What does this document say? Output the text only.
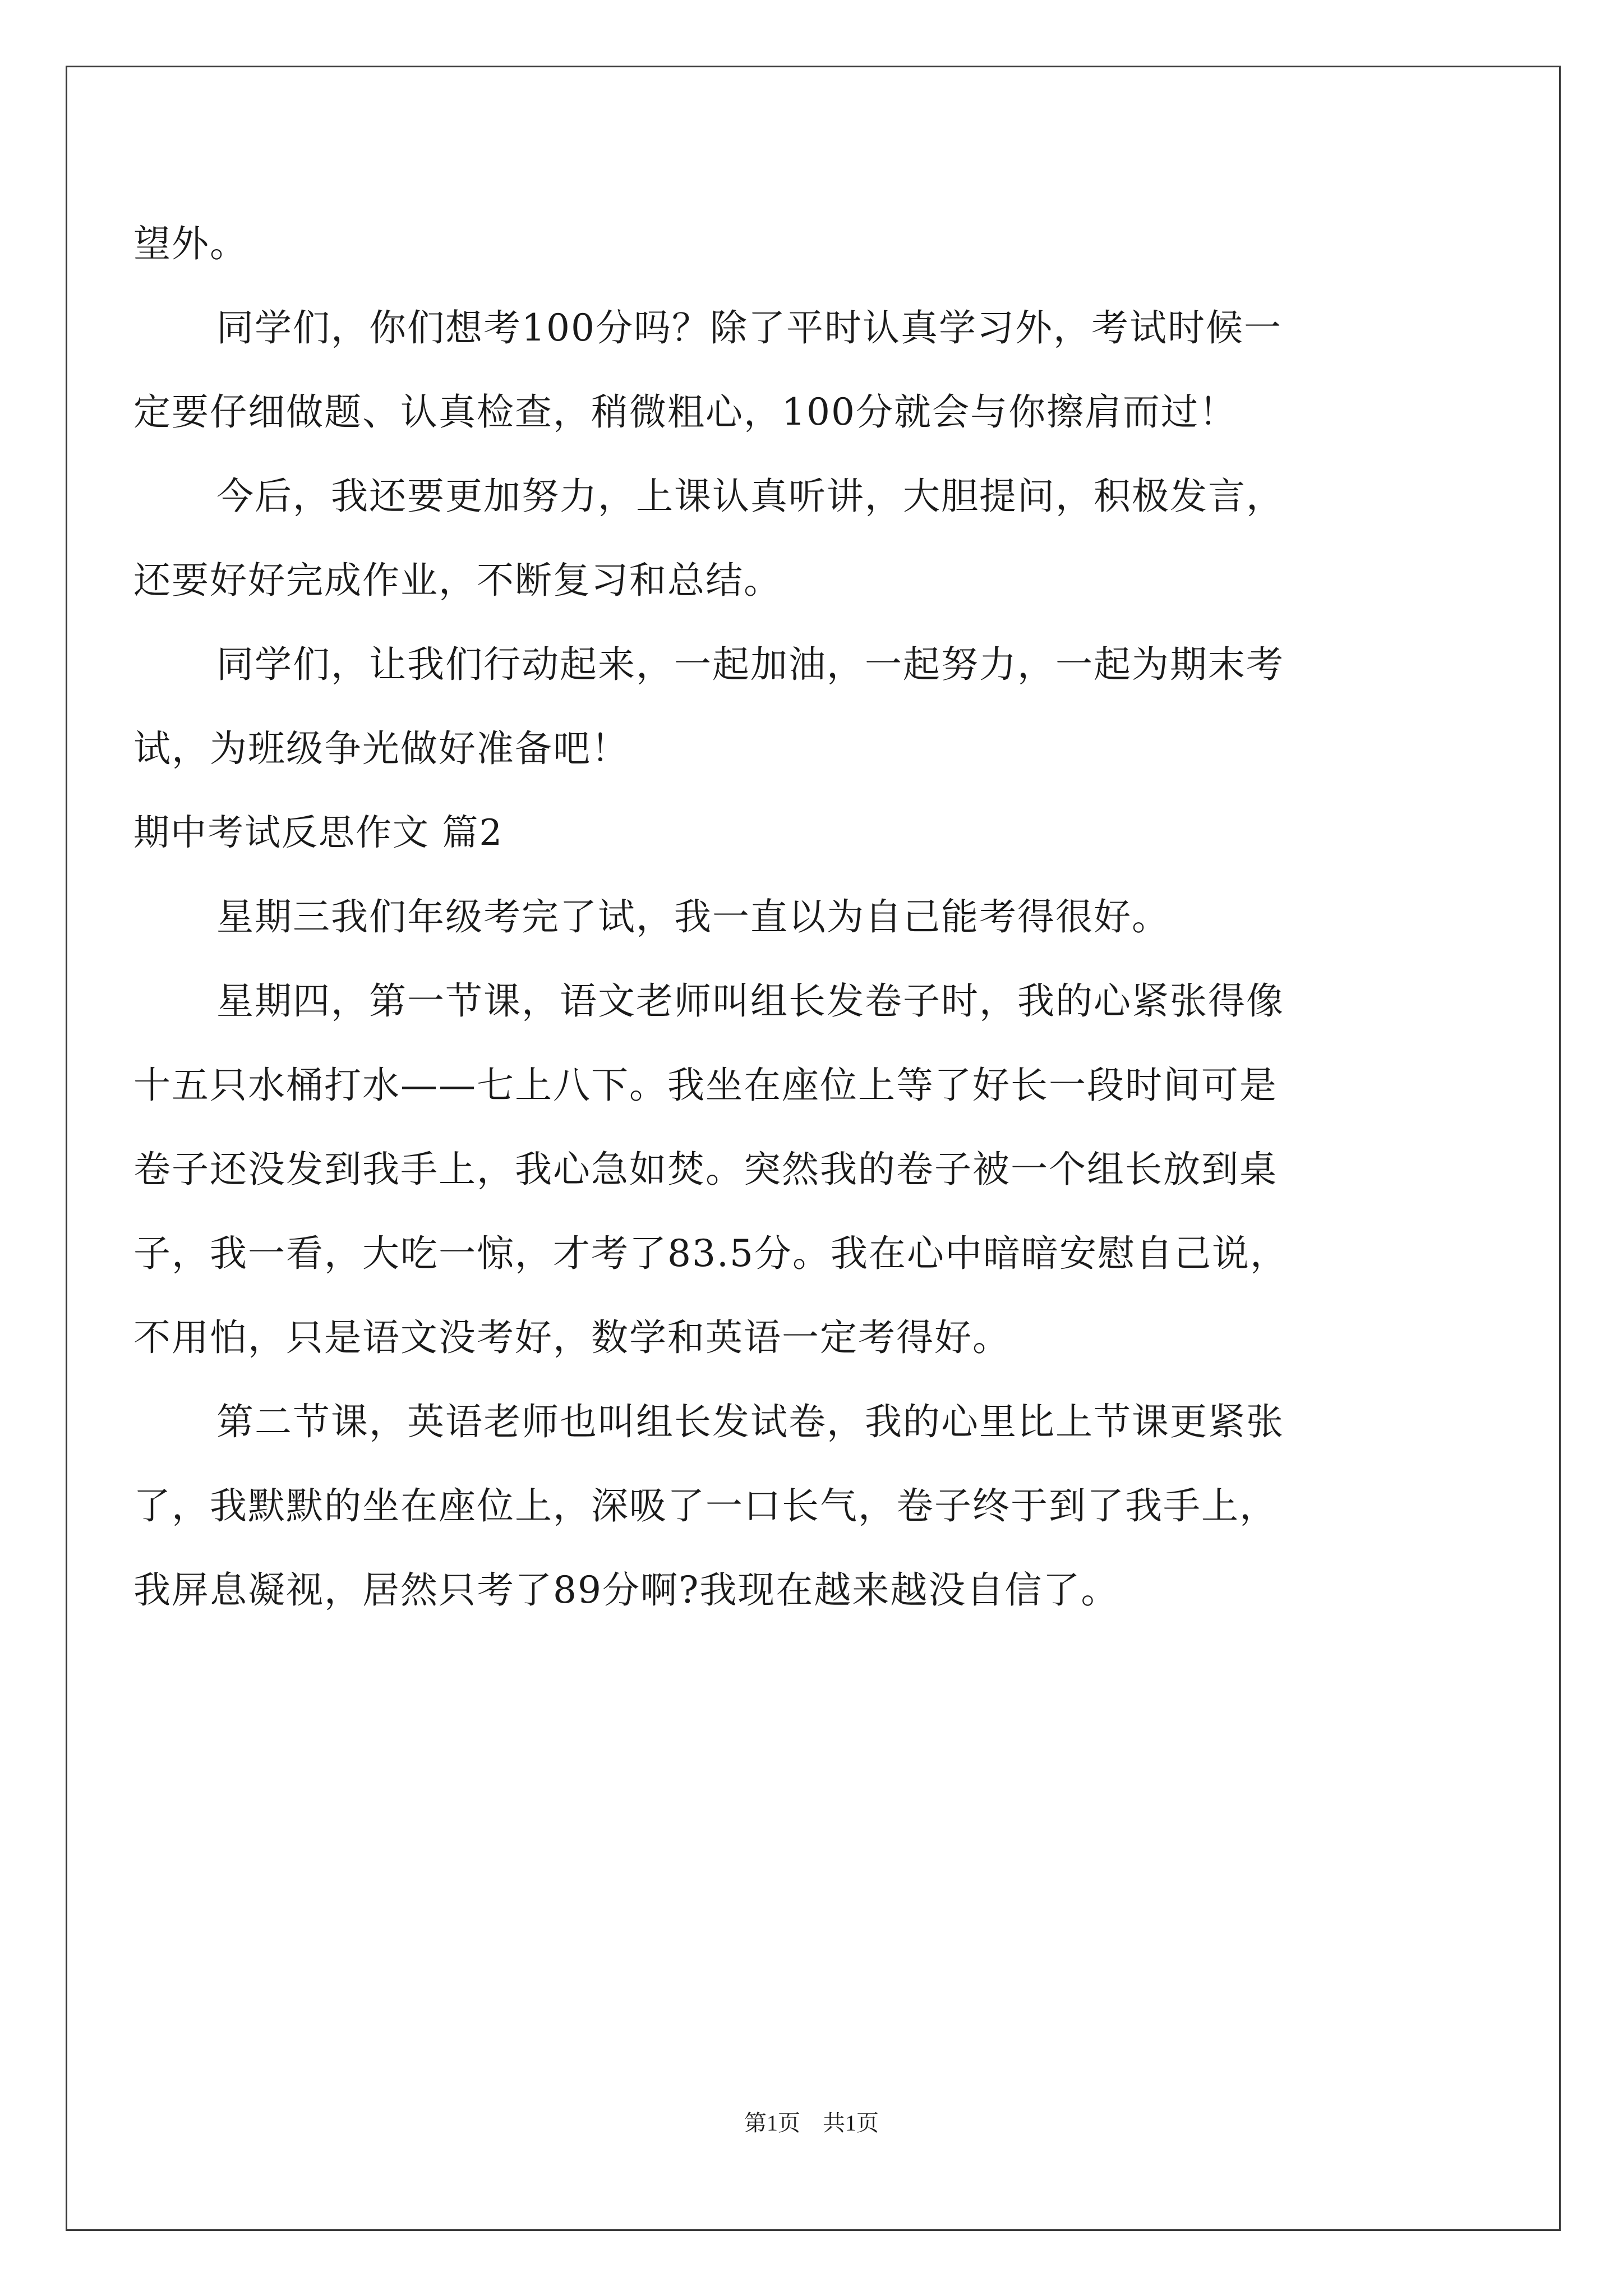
望外。
同学们，你们想考100分吗？除了平时认真学习外，考试时候一
定要仔细做题、认真检查，稍微粗心，100分就会与你擦肩而过！
今后，我还要更加努力，上课认真听讲，大胆提问，积极发言，
还要好好完成作业，不断复习和总结。
同学们，让我们行动起来，一起加油，一起努力，一起为期末考
试，为班级争光做好准备吧！
期中考试反思作文 篇2
星期三我们年级考完了试，我一直以为自己能考得很好。
星期四，第一节课，语文老师叫组长发卷子时，我的心紧张得像
十五只水桶打水——七上八下。我坐在座位上等了好长一段时间可是
卷子还没发到我手上，我心急如焚。突然我的卷子被一个组长放到桌
子，我一看，大吃一惊，才考了83.5分。我在心中暗暗安慰自己说，
不用怕，只是语文没考好，数学和英语一定考得好。
第二节课，英语老师也叫组长发试卷，我的心里比上节课更紧张
了，我默默的坐在座位上，深吸了一口长气，卷子终于到了我手上，
我屏息凝视，居然只考了89分啊?我现在越来越没自信了。
第1页　共1页
